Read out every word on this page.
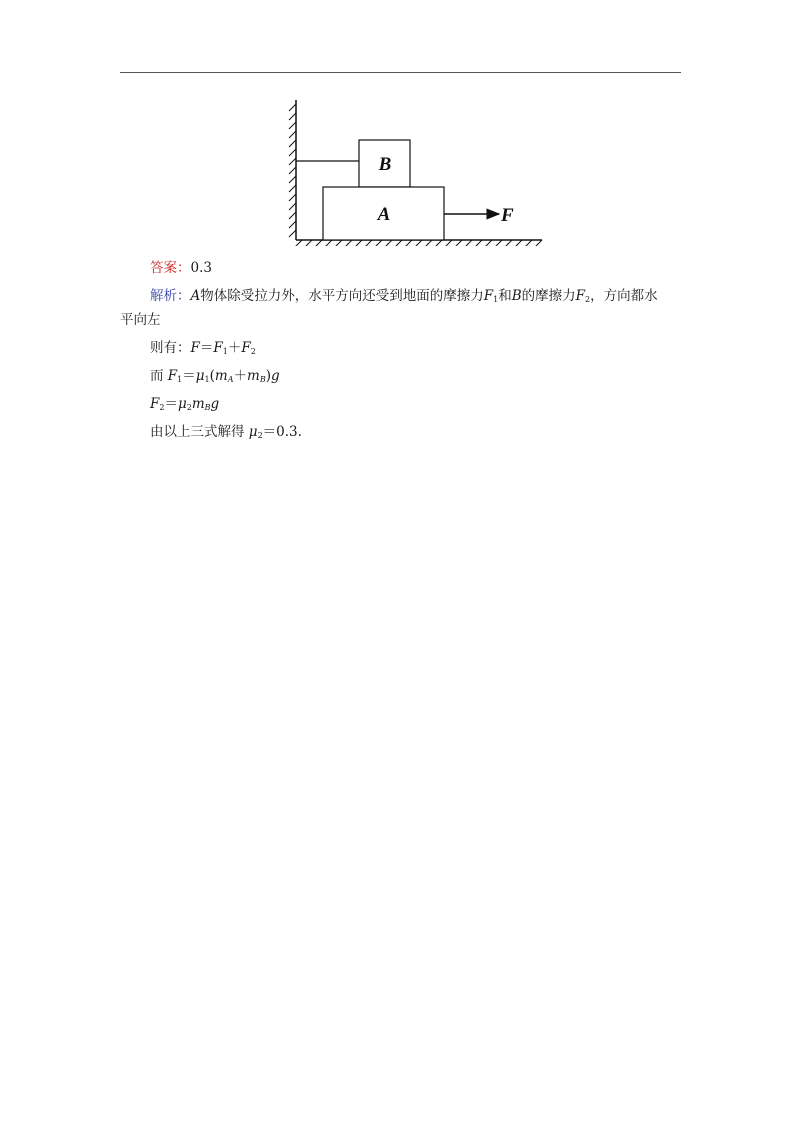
B
A	F
答案：0.3
解析：A物体除受拉力外，水平方向还受到地面的摩擦力$F_1$和B的摩擦力$F_2$，方向都水
平向左
则有：$F=F_1+F_2$
而 $F_1=\mu_1(m_A+m_B)g$
$F_2=\mu_2m_Bg$
由以上三式解得 $\mu_2=0.3$.
